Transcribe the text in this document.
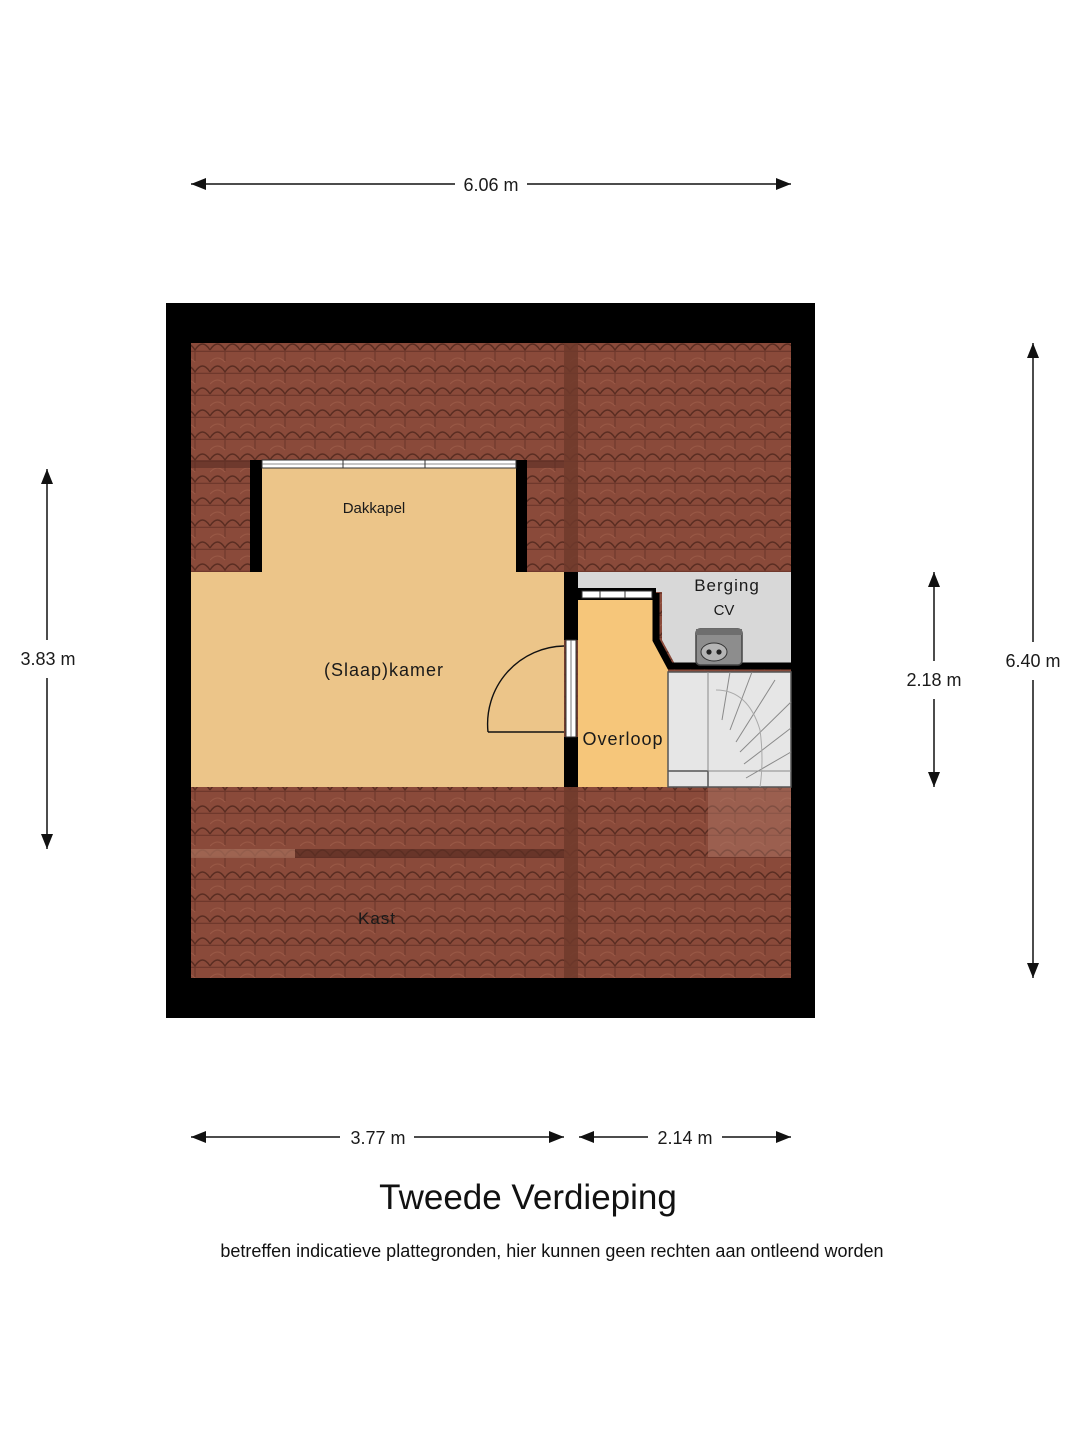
6.06 m
3.77 m	2.14 m
3.83 m
2.18 m
6.40 m
Dakkapel
(Slaap)kamer
Berging
CV
Overloop
Kast
Tweede Verdieping
betreffen indicatieve plattegronden, hier kunnen geen rechten aan ontleend worden
